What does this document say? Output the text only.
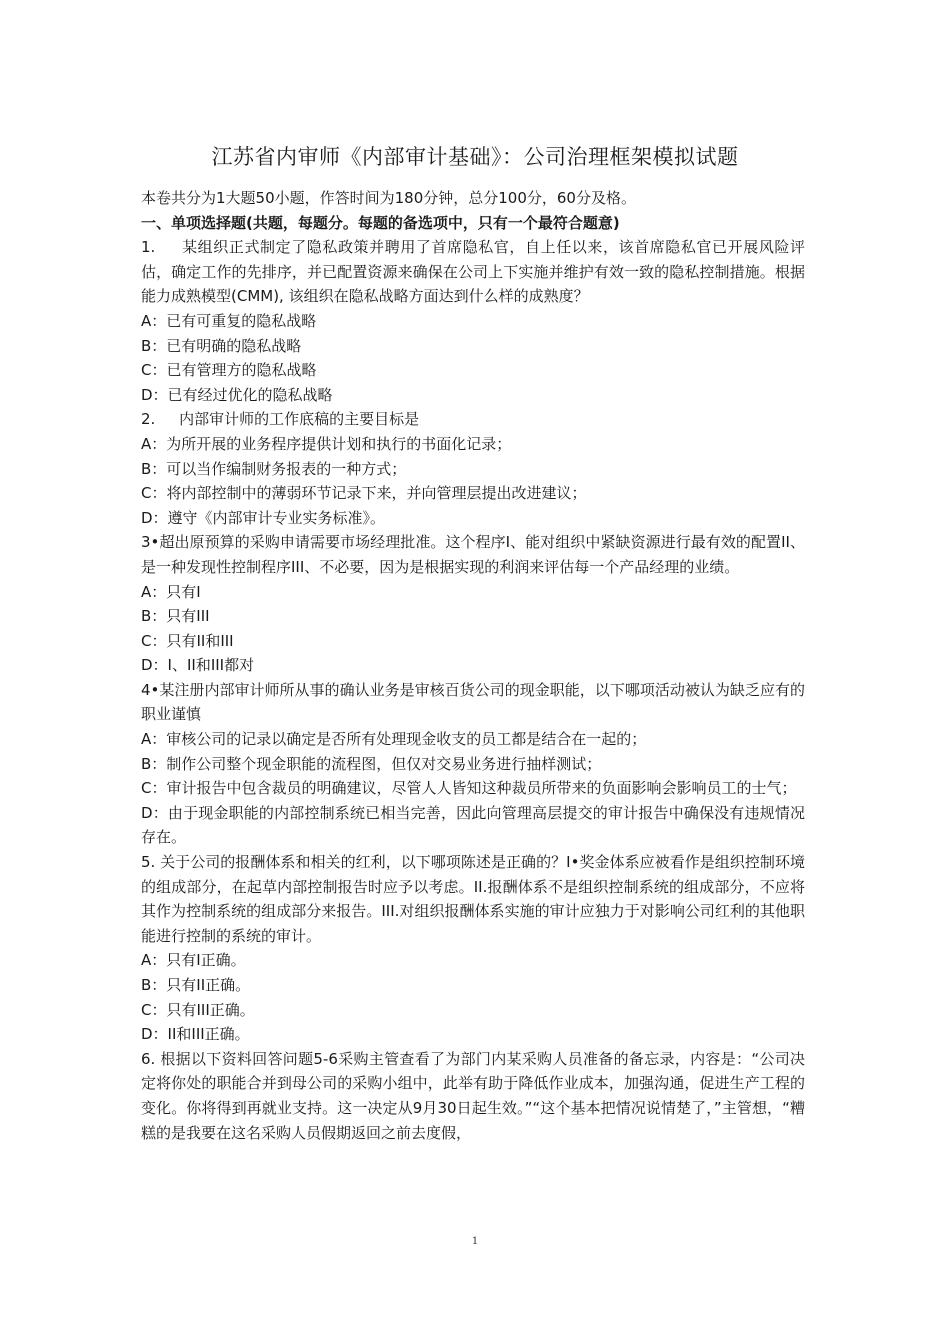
江苏省内审师《内部审计基础》：公司治理框架模拟试题

本卷共分为1大题50小题，作答时间为180分钟，总分100分，60分及格。

一、单项选择题(共题，每题分。每题的备选项中，只有一个最符合题意)

1.     某组织正式制定了隐私政策并聘用了首席隐私官，自上任以来，该首席隐私官已开展风险评估，确定工作的先排序，并已配置资源来确保在公司上下实施并维护有效一致的隐私控制措施。根据能力成熟模型(CMM), 该组织在隐私战略方面达到什么样的成熟度？

A：已有可重复的隐私战略

B：已有明确的隐私战略

C：已有管理方的隐私战略

D：已有经过优化的隐私战略

2.     内部审计师的工作底稿的主要目标是

A：为所开展的业务程序提供计划和执行的书面化记录；

B：可以当作编制财务报表的一种方式；

C：将内部控制中的薄弱环节记录下来，并向管理层提出改进建议；

D：遵守《内部审计专业实务标准》。

3•超出原预算的采购申请需要市场经理批准。这个程序I、能对组织中紧缺资源进行最有效的配置II、是一种发现性控制程序III、不必要，因为是根据实现的利润来评估每一个产品经理的业绩。

A：只有I

B：只有III

C：只有II和III

D：I、II和III都对

4•某注册内部审计师所从事的确认业务是审核百货公司的现金职能，以下哪项活动被认为缺乏应有的职业谨慎

A：审核公司的记录以确定是否所有处理现金收支的员工都是结合在一起的；

B：制作公司整个现金职能的流程图，但仅对交易业务进行抽样测试；

C：审计报告中包含裁员的明确建议，尽管人人皆知这种裁员所带来的负面影响会影响员工的士气；

D：由于现金职能的内部控制系统已相当完善，因此向管理高层提交的审计报告中确保没有违规情况存在。

5. 关于公司的报酬体系和相关的红利，以下哪项陈述是正确的？I•奖金体系应被看作是组织控制环境的组成部分，在起草内部控制报告时应予以考虑。II.报酬体系不是组织控制系统的组成部分，不应将其作为控制系统的组成部分来报告。III.对组织报酬体系实施的审计应独力于对影响公司红利的其他职能进行控制的系统的审计。

A：只有I正确。

B：只有II正确。

C：只有III正确。

D：II和III正确。

6. 根据以下资料回答问题5-6采购主管查看了为部门内某采购人员准备的备忘录，内容是：“公司决定将你处的职能合并到母公司的采购小组中，此举有助于降低作业成本，加强沟通，促进生产工程的变化。你将得到再就业支持。这一决定从9月30日起生效。”“这个基本把情况说情楚了，”主管想，“糟糕的是我要在这名采购人员假期返回之前去度假，

1
